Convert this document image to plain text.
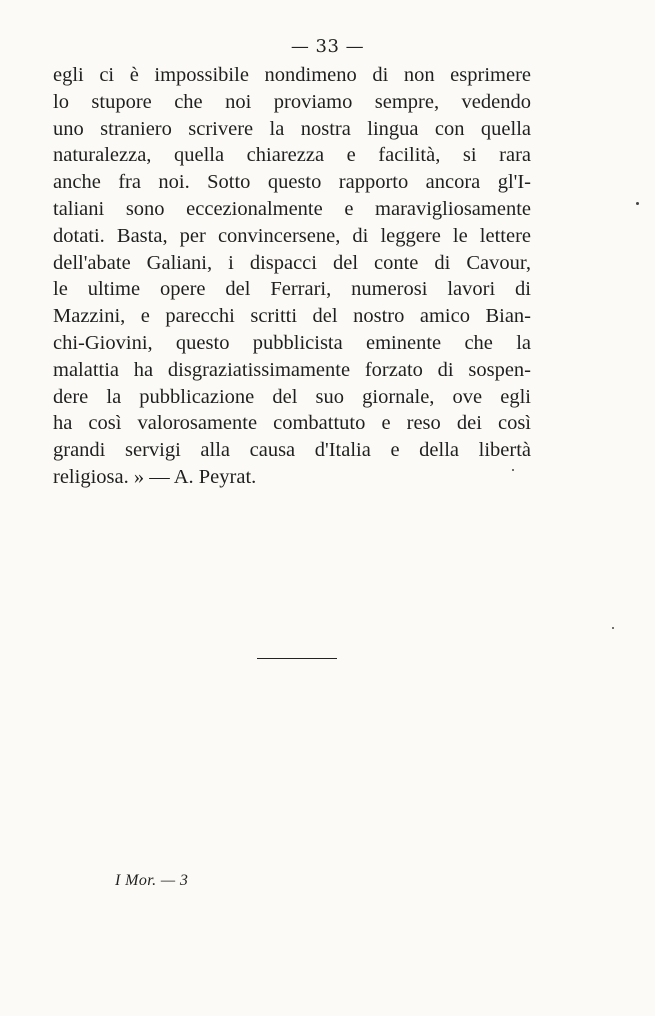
— 33 —
egli ci è impossibile nondimeno di non esprimere
lo stupore che noi proviamo sempre, vedendo
uno straniero scrivere la nostra lingua con quella
naturalezza, quella chiarezza e facilità, si rara
anche fra noi. Sotto questo rapporto ancora gl'I-
taliani sono eccezionalmente e maravigliosamente
dotati. Basta, per convincersene, di leggere le lettere
dell'abate Galiani, i dispacci del conte di Cavour,
le ultime opere del Ferrari, numerosi lavori di
Mazzini, e parecchi scritti del nostro amico Bian-
chi-Giovini, questo pubblicista eminente che la
malattia ha disgraziatissimamente forzato di sospen-
dere la pubblicazione del suo giornale, ove egli
ha così valorosamente combattuto e reso dei così
grandi servigi alla causa d'Italia e della libertà
religiosa. » — A. Peyrat.
I Mor. — 3
